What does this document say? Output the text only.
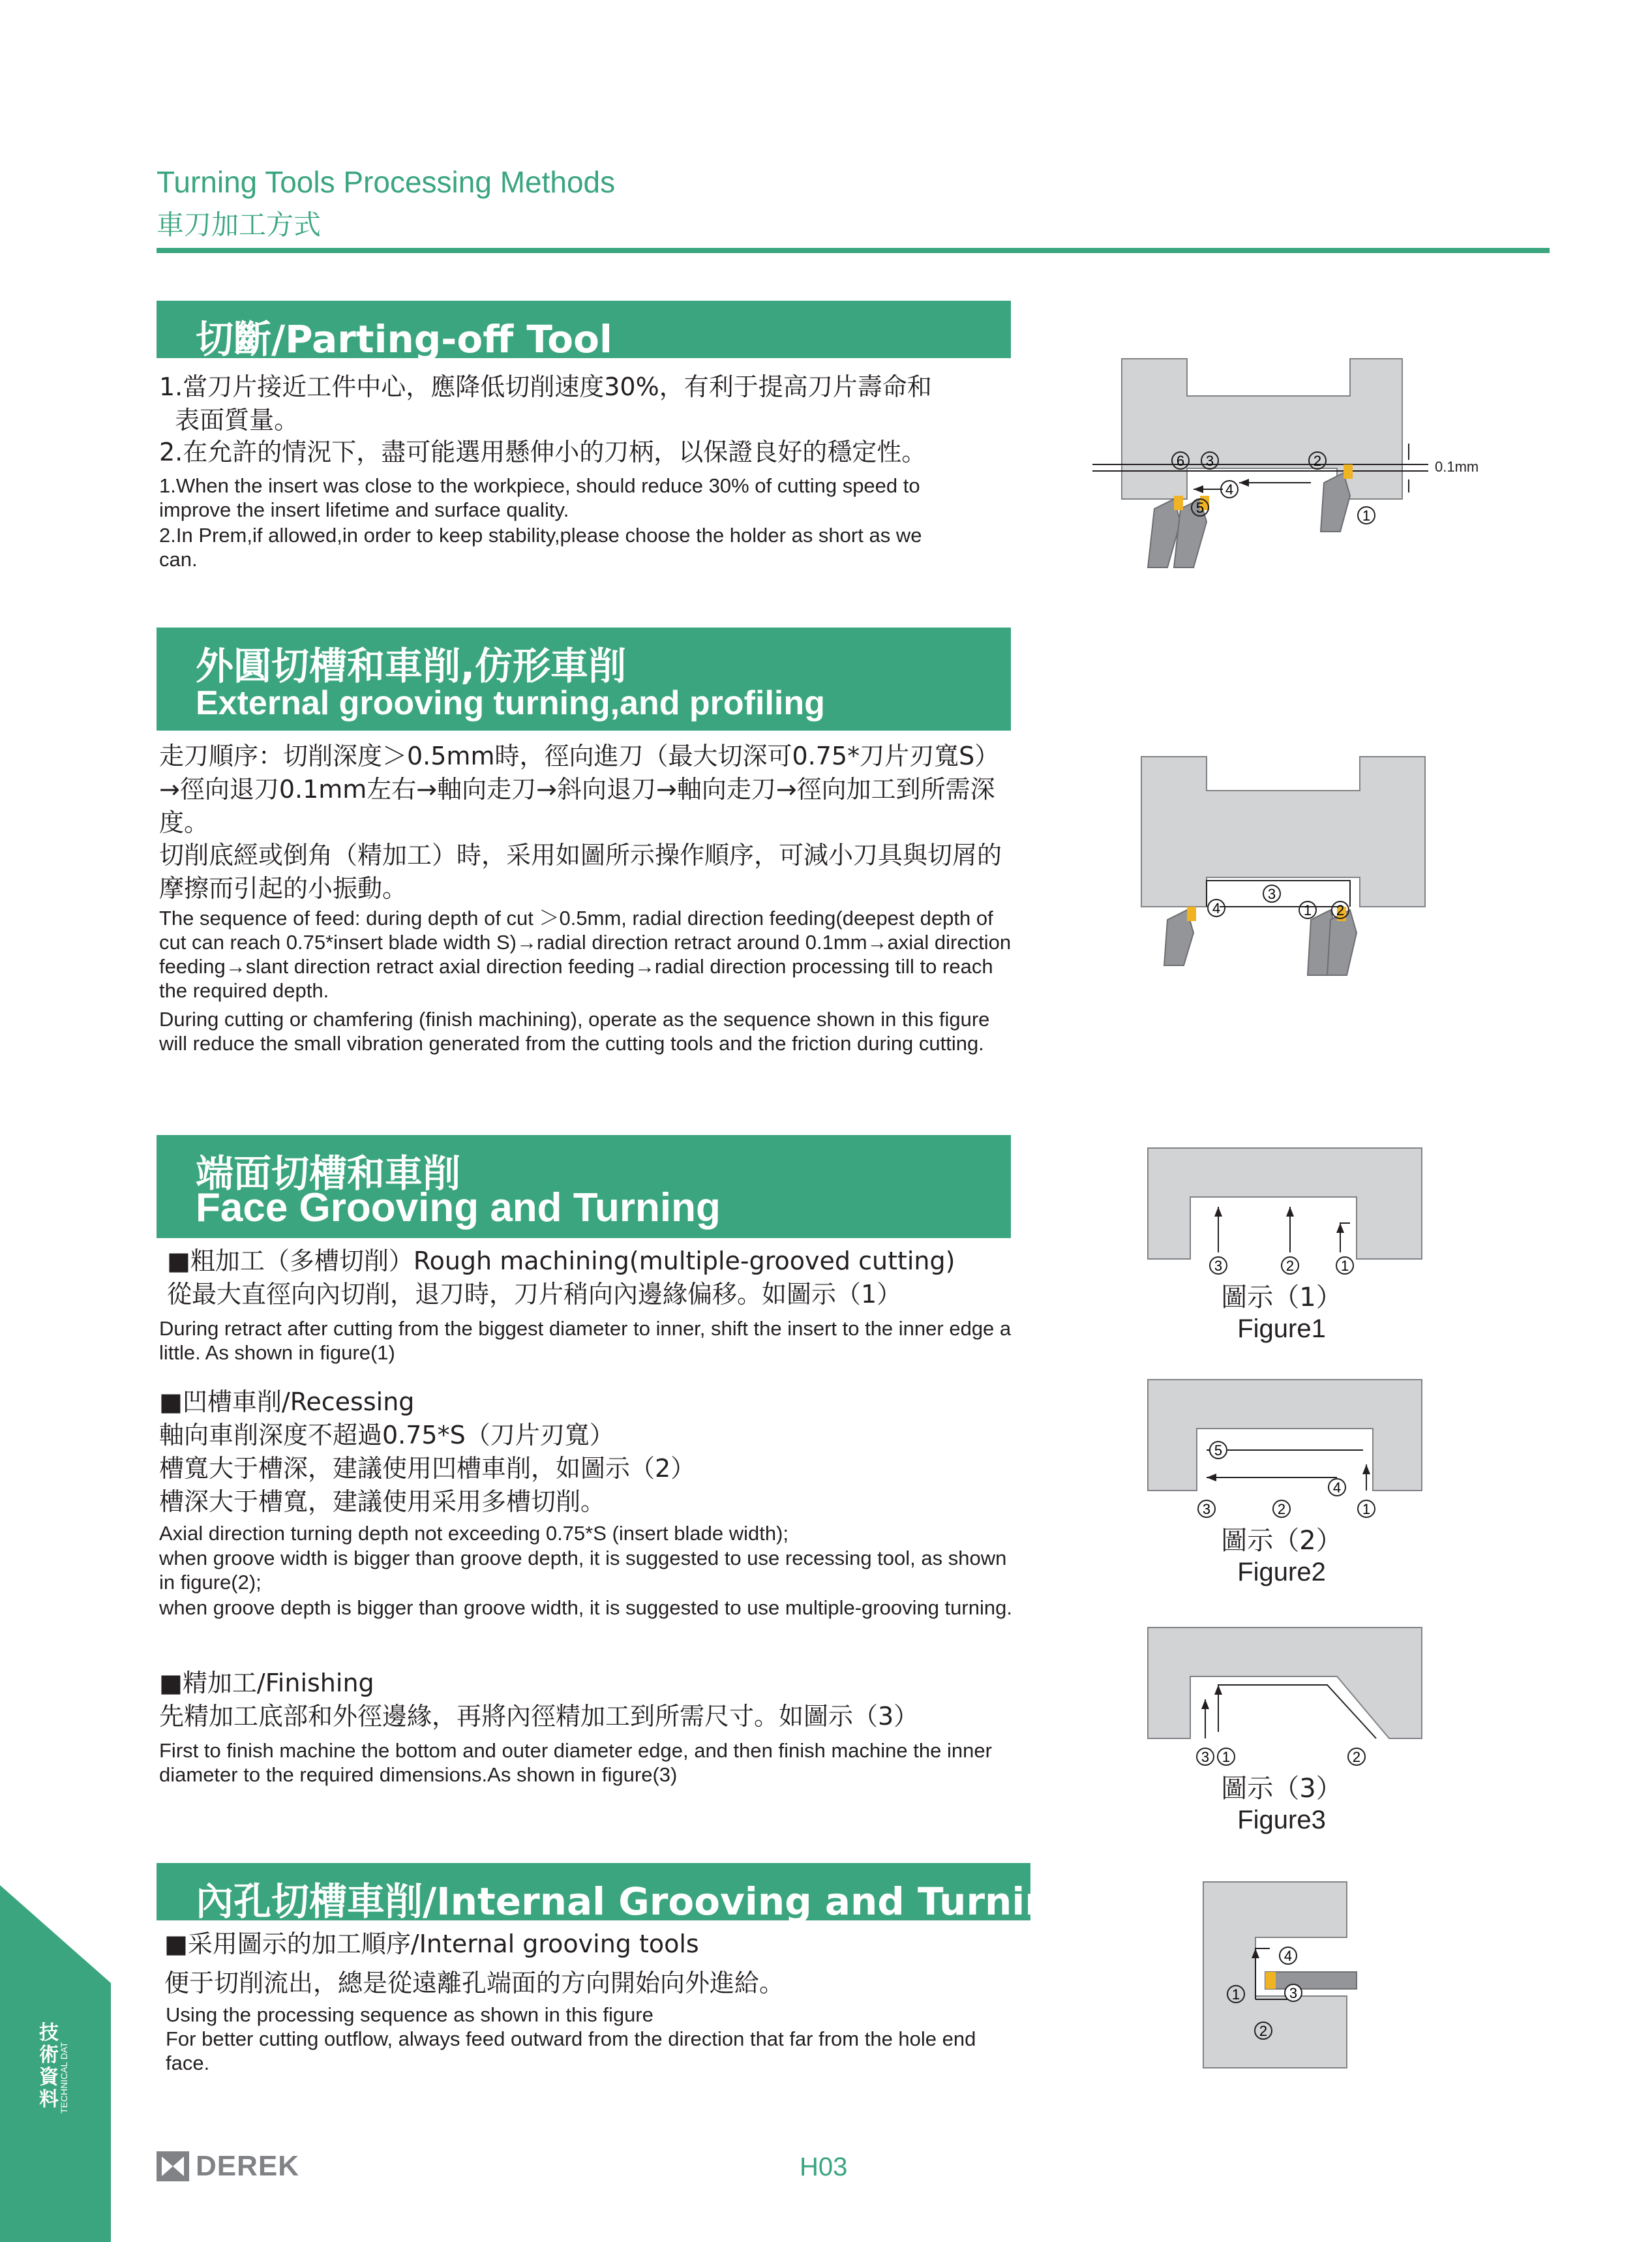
Turning Tools Processing Methods
車刀加工方式
切斷/Parting-off Tool
1.當刀片接近工件中心，應降低切削速度30%，有利于提高刀片壽命和
表面質量。
2.在允許的情況下，盡可能選用懸伸小的刀柄，以保證良好的穩定性。
1.When the insert was close to the workpiece, should reduce 30% of cutting speed to improve the insert lifetime and surface quality.
2.In Prem,if allowed,in order to keep stability,please choose the holder as short as we can.
0.1mm
6 3
4
5
2
1
外圓切槽和車削,仿形車削
External grooving turning,and profiling
走刀順序：切削深度＞0.5mm時，徑向進刀（最大切深可0.75*刀片刃寬S）→徑向退刀0.1mm左右→軸向走刀→斜向退刀→軸向走刀→徑向加工到所需深度。
切削底經或倒角（精加工）時，采用如圖所示操作順序，可減小刀具與切屑的摩擦而引起的小振動。
The sequence of feed: during depth of cut ＞0.5mm, radial direction feeding(deepest depth of cut can reach 0.75*insert blade width S)→radial direction retract around 0.1mm→axial direction feeding→slant direction retract axial direction feeding→radial direction processing till to reach the required depth.
During cutting or chamfering (finish machining), operate as the sequence shown in this figure will reduce the small vibration generated from the cutting tools and the friction during cutting.
4
3
1 2
端面切槽和車削
Face Grooving and Turning
■粗加工（多槽切削）Rough machining(multiple-grooved cutting)
從最大直徑向內切削，退刀時，刀片稍向內邊緣偏移。如圖示（1）
During retract after cutting from the biggest diameter to inner, shift the insert to the inner edge a little. As shown in figure(1)
■凹槽車削/Recessing
軸向車削深度不超過0.75*S（刀片刃寬）
槽寬大于槽深，建議使用凹槽車削，如圖示（2）
槽深大于槽寬，建議使用采用多槽切削。
Axial direction turning depth not exceeding 0.75*S (insert blade width);
when groove width is bigger than groove depth, it is suggested to use recessing tool, as shown in figure(2);
when groove depth is bigger than groove width, it is suggested to use multiple-grooving turning.
■精加工/Finishing
先精加工底部和外徑邊緣，再將內徑精加工到所需尺寸。如圖示（3）
First to finish machine the bottom and outer diameter edge, and then finish machine the inner diameter to the required dimensions.As shown in figure(3)
3	2	1
圖示（1）
Figure1
5
4
3	2	1
圖示（2）
Figure2
3 1	2
圖示（3）
Figure3
內孔切槽車削/Internal Grooving and Turning
■采用圖示的加工順序/Internal grooving tools
便于切削流出，總是從遠離孔端面的方向開始向外進給。
Using the processing sequence as shown in this figure
For better cutting outflow, always feed outward from the direction that far from the hole end face.
1
4
3
2
技術資料 TECHNICAL DAT
DEREK	H03
